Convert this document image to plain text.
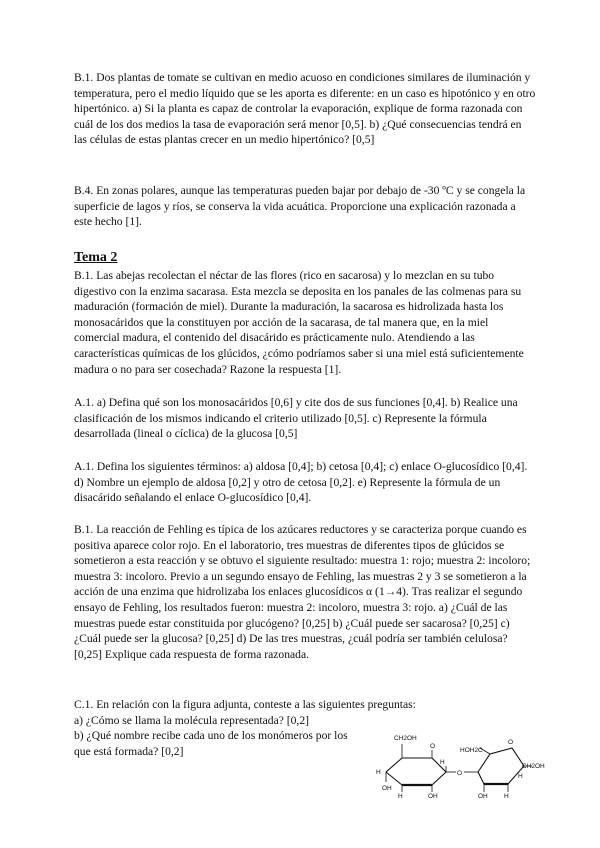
B.1. Dos plantas de tomate se cultivan en medio acuoso en condiciones similares de iluminación y temperatura, pero el medio líquido que se les aporta es diferente: en un caso es hipotónico y en otro hipertónico. a) Si la planta es capaz de controlar la evaporación, explique de forma razonada con cuál de los dos medios la tasa de evaporación será menor [0,5]. b) ¿Qué consecuencias tendrá en las células de estas plantas crecer en un medio hipertónico? [0,5]

B.4. En zonas polares, aunque las temperaturas pueden bajar por debajo de -30 ºC y se congela la superficie de lagos y ríos, se conserva la vida acuática. Proporcione una explicación razonada a este hecho [1].

Tema 2

B.1. Las abejas recolectan el néctar de las flores (rico en sacarosa) y lo mezclan en su tubo digestivo con la enzima sacarasa. Esta mezcla se deposita en los panales de las colmenas para su maduración (formación de miel). Durante la maduración, la sacarosa es hidrolizada hasta los monosacáridos que la constituyen por acción de la sacarasa, de tal manera que, en la miel comercial madura, el contenido del disacárido es prácticamente nulo. Atendiendo a las características químicas de los glúcidos, ¿cómo podríamos saber si una miel está suficientemente madura o no para ser cosechada? Razone la respuesta [1].

A.1. a) Defina qué son los monosacáridos [0,6] y cite dos de sus funciones [0,4]. b) Realice una clasificación de los mismos indicando el criterio utilizado [0,5]. c) Represente la fórmula desarrollada (lineal o cíclica) de la glucosa [0,5]

A.1. Defina los siguientes términos: a) aldosa [0,4]; b) cetosa [0,4]; c) enlace O-glucosídico [0,4]. d) Nombre un ejemplo de aldosa [0,2] y otro de cetosa [0,2]. e) Represente la fórmula de un disacárido señalando el enlace O-glucosídico [0,4].

B.1. La reacción de Fehling es típica de los azúcares reductores y se caracteriza porque cuando es positiva aparece color rojo. En el laboratorio, tres muestras de diferentes tipos de glúcidos se sometieron a esta reacción y se obtuvo el siguiente resultado: muestra 1: rojo; muestra 2: incoloro; muestra 3: incoloro. Previo a un segundo ensayo de Fehling, las muestras 2 y 3 se sometieron a la acción de una enzima que hidrolizaba los enlaces glucosídicos α (1→4). Tras realizar el segundo ensayo de Fehling, los resultados fueron: muestra 2: incoloro, muestra 3: rojo. a) ¿Cuál de las muestras puede estar constituida por glucógeno? [0,25] b) ¿Cuál puede ser sacarosa? [0,25] c) ¿Cuál puede ser la glucosa? [0,25] d) De las tres muestras, ¿cuál podría ser también celulosa? [0,25] Explique cada respuesta de forma razonada.

C.1. En relación con la figura adjunta, conteste a las siguientes preguntas:
a) ¿Cómo se llama la molécula representada? [0,2]
b) ¿Qué nombre recibe cada uno de los monómeros por los que está formada? [0,2]

CH2OH
O
H
OH
H	OH
H
O
HOH2C
O
CH2OH
OH	H
H
